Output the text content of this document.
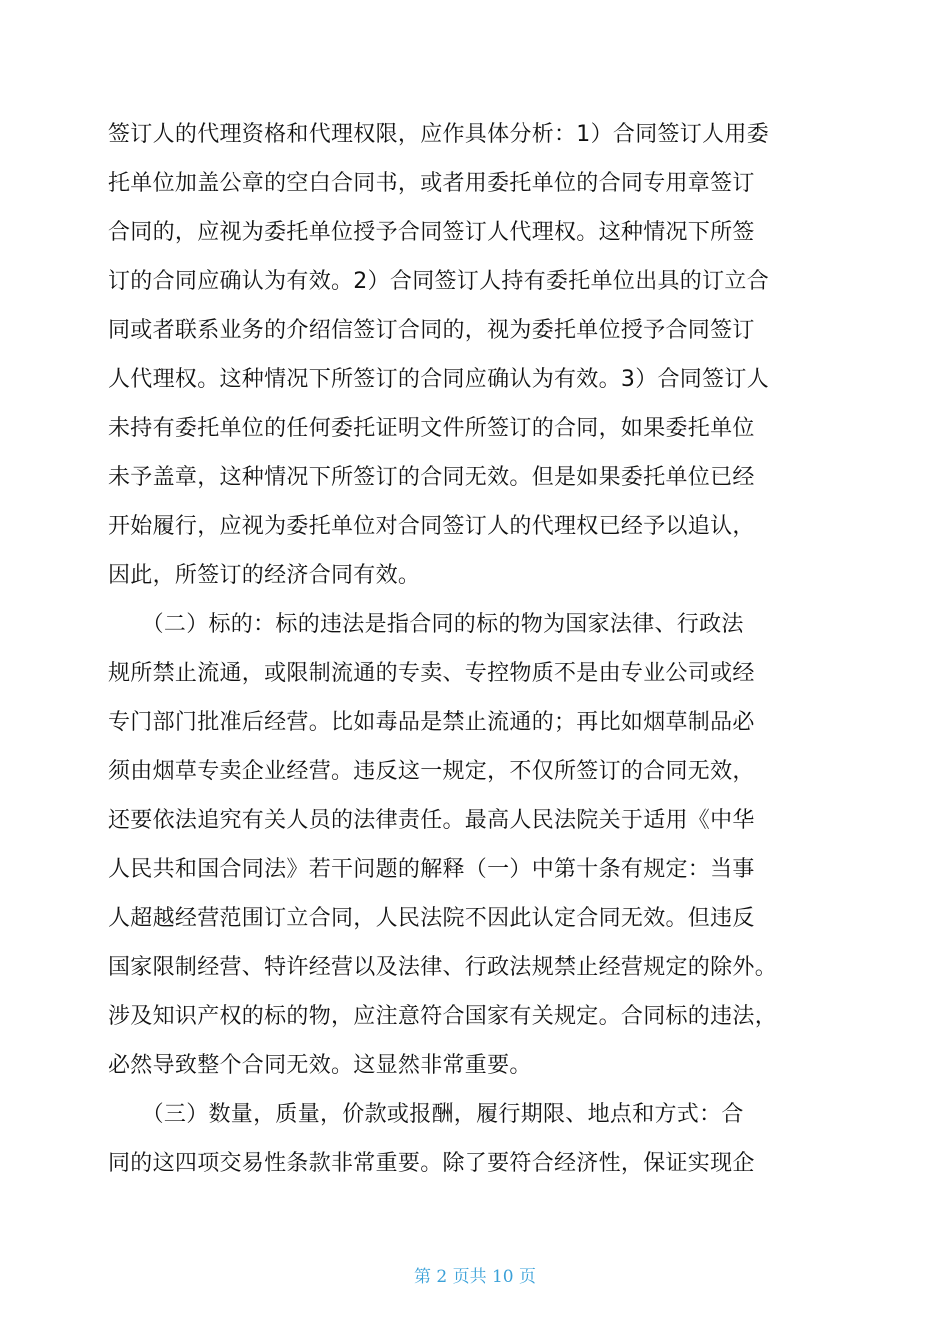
签订人的代理资格和代理权限，应作具体分析：1）合同签订人用委
托单位加盖公章的空白合同书，或者用委托单位的合同专用章签订
合同的，应视为委托单位授予合同签订人代理权。这种情况下所签
订的合同应确认为有效。2）合同签订人持有委托单位出具的订立合
同或者联系业务的介绍信签订合同的，视为委托单位授予合同签订
人代理权。这种情况下所签订的合同应确认为有效。3）合同签订人
未持有委托单位的任何委托证明文件所签订的合同，如果委托单位
未予盖章，这种情况下所签订的合同无效。但是如果委托单位已经
开始履行，应视为委托单位对合同签订人的代理权已经予以追认，
因此，所签订的经济合同有效。
　　（二）标的：标的违法是指合同的标的物为国家法律、行政法
规所禁止流通，或限制流通的专卖、专控物质不是由专业公司或经
专门部门批准后经营。比如毒品是禁止流通的；再比如烟草制品必
须由烟草专卖企业经营。违反这一规定，不仅所签订的合同无效，
还要依法追究有关人员的法律责任。最高人民法院关于适用《中华
人民共和国合同法》若干问题的解释（一）中第十条有规定：当事
人超越经营范围订立合同，人民法院不因此认定合同无效。但违反
国家限制经营、特许经营以及法律、行政法规禁止经营规定的除外。
涉及知识产权的标的物，应注意符合国家有关规定。合同标的违法，
必然导致整个合同无效。这显然非常重要。
　　（三）数量，质量，价款或报酬，履行期限、地点和方式：合
同的这四项交易性条款非常重要。除了要符合经济性，保证实现企
第 2 页共 10 页
